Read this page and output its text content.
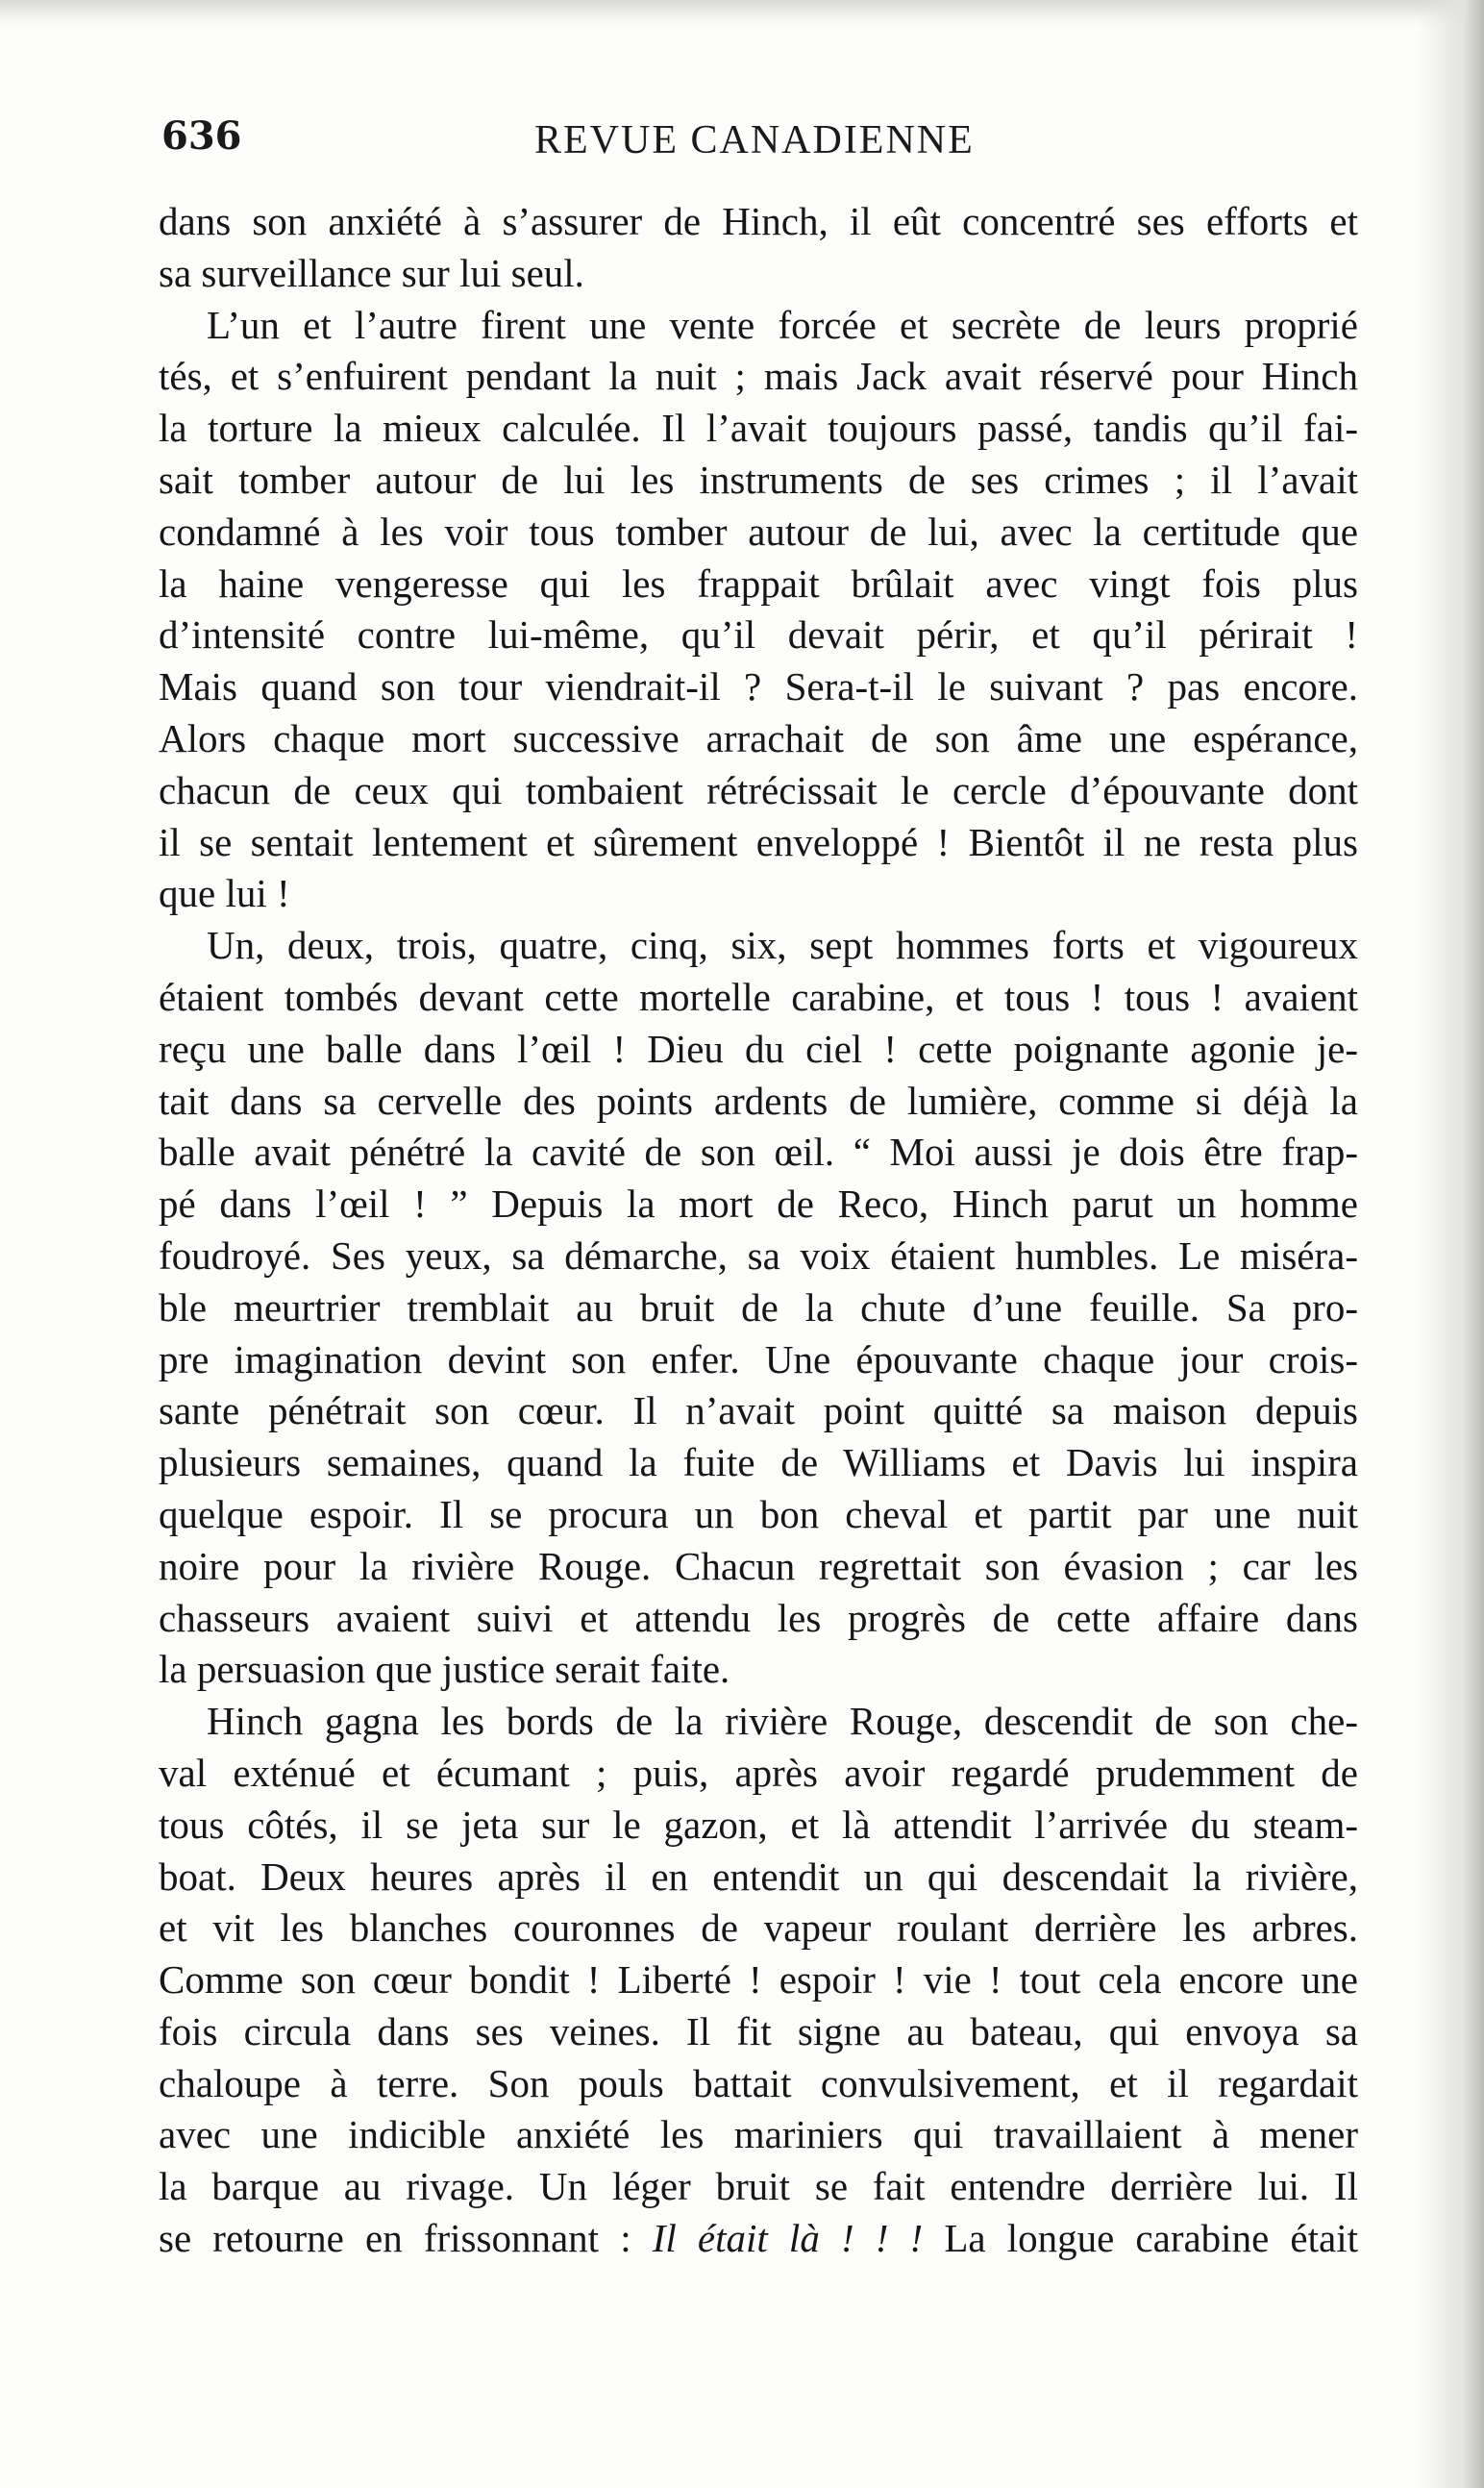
636	REVUE CANADIENNE
dans son anxiété à s’assurer de Hinch, il eût concentré ses efforts et
sa surveillance sur lui seul.
L’un et l’autre firent une vente forcée et secrète de leurs proprié
tés, et s’enfuirent pendant la nuit ; mais Jack avait réservé pour Hinch
la torture la mieux calculée. Il l’avait toujours passé, tandis qu’il fai-
sait tomber autour de lui les instruments de ses crimes ; il l’avait
condamné à les voir tous tomber autour de lui, avec la certitude que
la haine vengeresse qui les frappait brûlait avec vingt fois plus
d’intensité contre lui-même, qu’il devait périr, et qu’il périrait !
Mais quand son tour viendrait-il ? Sera-t-il le suivant ? pas encore.
Alors chaque mort successive arrachait de son âme une espérance,
chacun de ceux qui tombaient rétrécissait le cercle d’épouvante dont
il se sentait lentement et sûrement enveloppé ! Bientôt il ne resta plus
que lui !
Un, deux, trois, quatre, cinq, six, sept hommes forts et vigoureux
étaient tombés devant cette mortelle carabine, et tous ! tous ! avaient
reçu une balle dans l’œil ! Dieu du ciel ! cette poignante agonie je-
tait dans sa cervelle des points ardents de lumière, comme si déjà la
balle avait pénétré la cavité de son œil. “ Moi aussi je dois être frap-
pé dans l’œil ! ” Depuis la mort de Reco, Hinch parut un homme
foudroyé. Ses yeux, sa démarche, sa voix étaient humbles. Le miséra-
ble meurtrier tremblait au bruit de la chute d’une feuille. Sa pro-
pre imagination devint son enfer. Une épouvante chaque jour crois-
sante pénétrait son cœur. Il n’avait point quitté sa maison depuis
plusieurs semaines, quand la fuite de Williams et Davis lui inspira
quelque espoir. Il se procura un bon cheval et partit par une nuit
noire pour la rivière Rouge. Chacun regrettait son évasion ; car les
chasseurs avaient suivi et attendu les progrès de cette affaire dans
la persuasion que justice serait faite.
Hinch gagna les bords de la rivière Rouge, descendit de son che-
val exténué et écumant ; puis, après avoir regardé prudemment de
tous côtés, il se jeta sur le gazon, et là attendit l’arrivée du steam-
boat. Deux heures après il en entendit un qui descendait la rivière,
et vit les blanches couronnes de vapeur roulant derrière les arbres.
Comme son cœur bondit ! Liberté ! espoir ! vie ! tout cela encore une
fois circula dans ses veines. Il fit signe au bateau, qui envoya sa
chaloupe à terre. Son pouls battait convulsivement, et il regardait
avec une indicible anxiété les mariniers qui travaillaient à mener
la barque au rivage. Un léger bruit se fait entendre derrière lui. Il
se retourne en frissonnant : Il était là ! ! ! La longue carabine était
